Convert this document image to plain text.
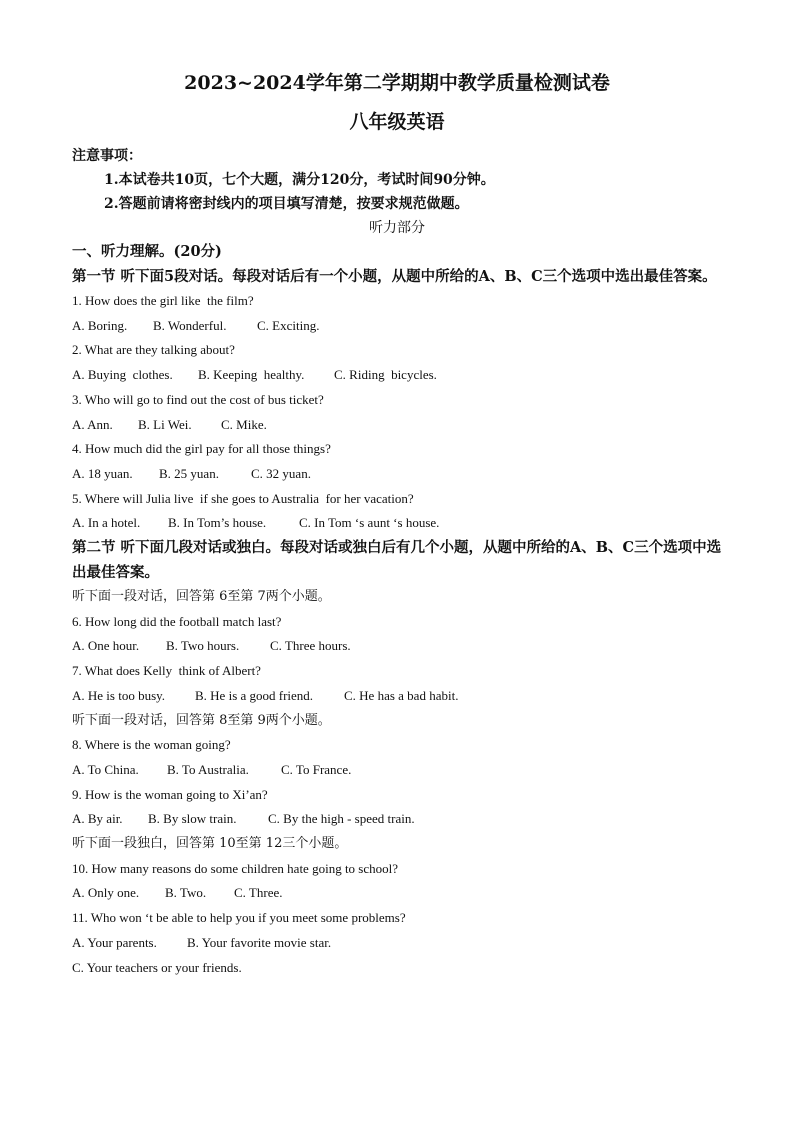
2023~2024学年第二学期期中教学质量检测试卷

八年级英语

注意事项：

1.本试卷共10页，七个大题，满分120分，考试时间90分钟。

2.答题前请将密封线内的项目填写清楚，按要求规范做题。

听力部分

一、听力理解。(20分)

第一节 听下面5段对话。每段对话后有一个小题，从题中所给的A、B、C三个选项中选出最佳答案。

1. How does the girl like  the film?

A. Boring. B. Wonderful. C. Exciting.

2. What are they talking about?

A. Buying  clothes. B. Keeping  healthy. C. Riding  bicycles.

3. Who will go to find out the cost of bus ticket?

A. Ann. B. Li Wei. C. Mike.

4. How much did the girl pay for all those things?

A. 18 yuan. B. 25 yuan. C. 32 yuan.

5. Where will Julia live  if she goes to Australia  for her vacation?

A. In a hotel. B. In Tom’s house.	C. In Tom ‘s aunt ‘s house.

第二节 听下面几段对话或独白。每段对话或独白后有几个小题，从题中所给的A、B、C三个选项中选出最佳答案。

听下面一段对话，回答第 6至第 7两个小题。

6. How long did the football match last?

A. One hour. B. Two hours. C. Three hours.

7. What does Kelly  think of Albert?

A. He is too busy. B. He is a good friend. C. He has a bad habit.

听下面一段对话，回答第 8至第 9两个小题。

8. Where is the woman going?

A. To China. B. To Australia. C. To France.

9. How is the woman going to Xi’an?

A. By air. B. By slow train. C. By the high - speed train.

听下面一段独白，回答第 10至第 12三个小题。

10. How many reasons do some children hate going to school?

A. Only one. B. Two. C. Three.

11. Who won ‘t be able to help you if you meet some problems?

A. Your parents. B. Your favorite movie star.

C. Your teachers or your friends.
